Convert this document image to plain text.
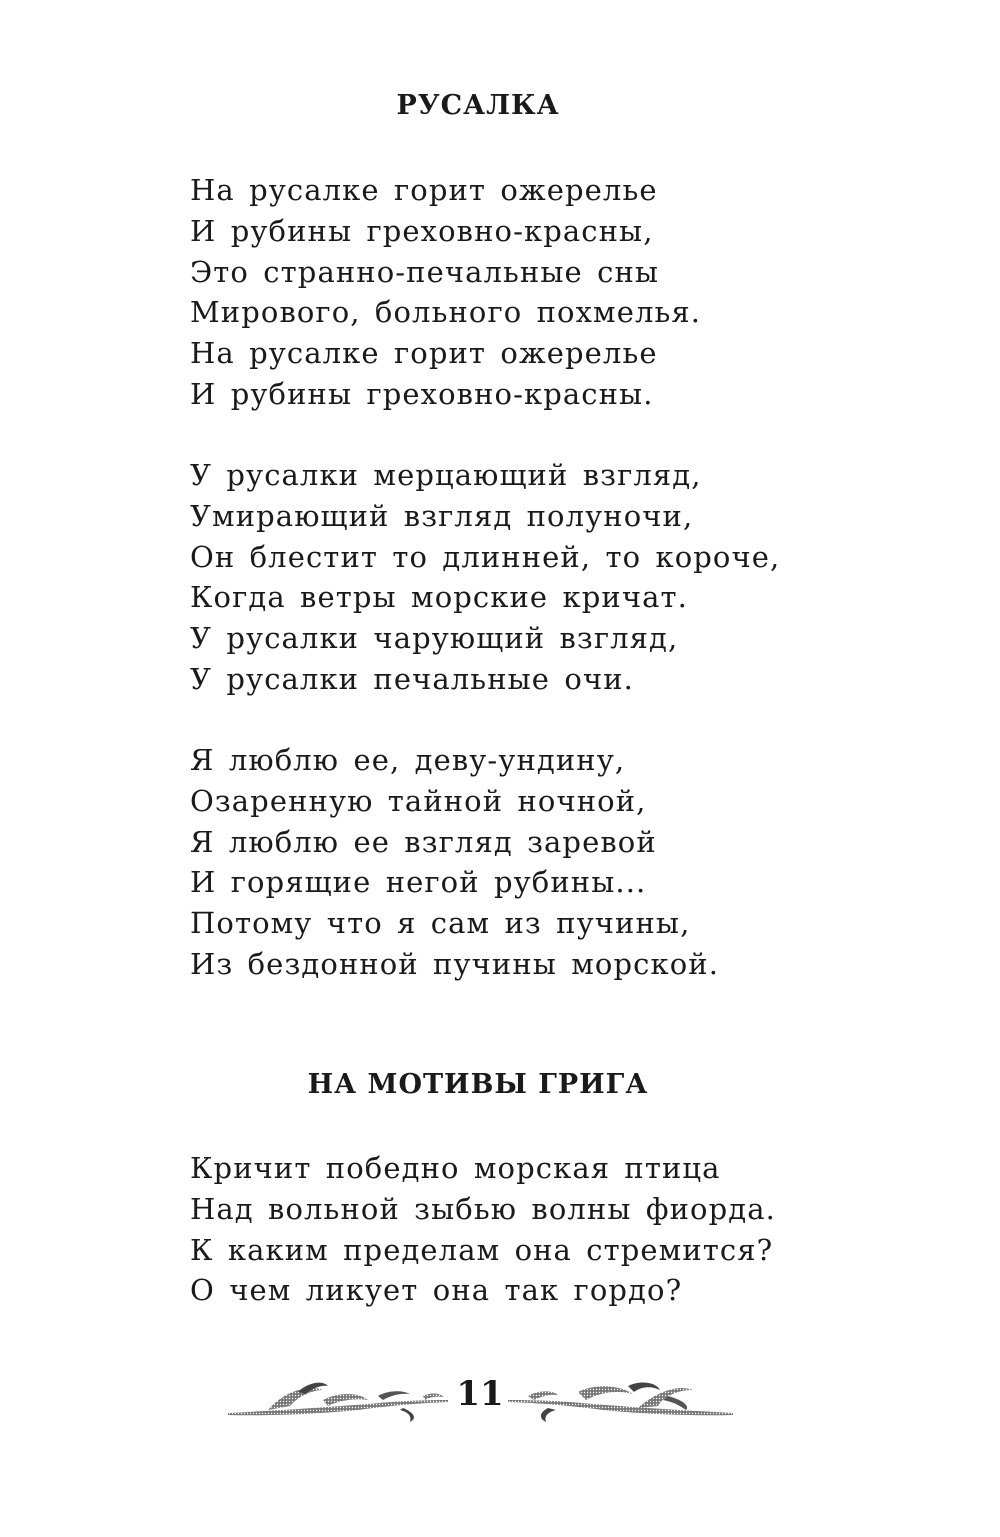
РУСАЛКА
На русалке горит ожерелье
И рубины греховно-красны,
Это странно-печальные сны
Мирового, больного похмелья.
На русалке горит ожерелье
И рубины греховно-красны.
У русалки мерцающий взгляд,
Умирающий взгляд полуночи,
Он блестит то длинней, то короче,
Когда ветры морские кричат.
У русалки чарующий взгляд,
У русалки печальные очи.
Я люблю ее, деву-ундину,
Озаренную тайной ночной,
Я люблю ее взгляд заревой
И горящие негой рубины...
Потому что я сам из пучины,
Из бездонной пучины морской.
НА МОТИВЫ ГРИГА
Кричит победно морская птица
Над вольной зыбью волны фиорда.
К каким пределам она стремится?
О чем ликует она так гордо?
11
